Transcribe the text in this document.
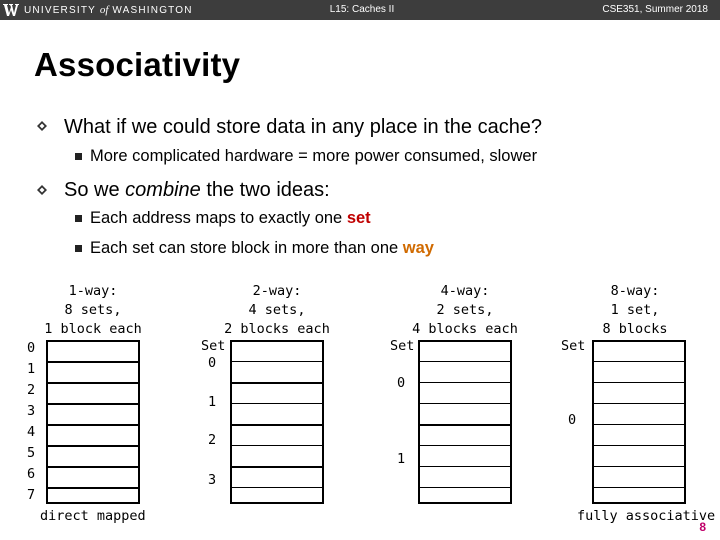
UNIVERSITY of WASHINGTON	L15: Caches II	CSE351, Summer 2018
Associativity
What if we could store data in any place in the cache?
More complicated hardware = more power consumed, slower
So we combine the two ideas:
Each address maps to exactly one set
Each set can store block in more than one way
1-way:
8 sets,
1 block each
0
1
2
3
4
5
6
7
direct mapped
2-way:
4 sets,
2 blocks each
Set
0
1
2
3
4-way:
2 sets,
4 blocks each
Set
0
1
8-way:
1 set,
8 blocks
Set
0
fully associative
8
